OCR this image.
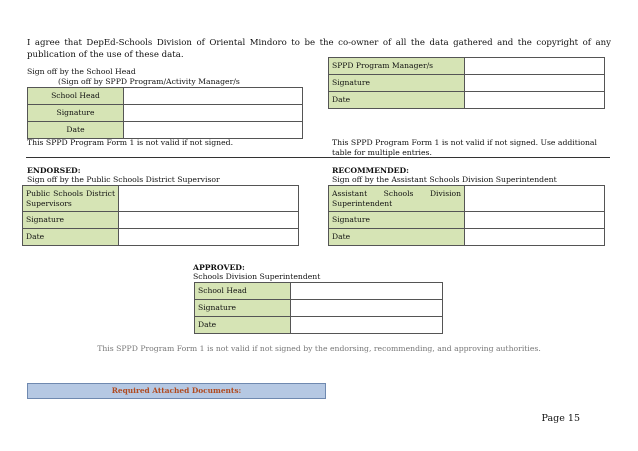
I agree that DepEd-Schools Division of Oriental Mindoro to be the co-owner of all the data gathered and the copyright of any publication of the use of these data.
Sign off by the School Head
(Sign off by SPPD Program/Activity Manager/s
School Head	
Signature	
Date	
This SPPD Program Form 1 is not valid if not signed.
SPPD Program Manager/s	
Signature	
Date	
This SPPD Program Form 1 is not valid if not signed. Use additional table for multiple entries.
ENDORSED:
Sign off by the Public Schools District Supervisor
Public Schools District Supervisors	
Signature	
Date	
RECOMMENDED:
Sign off by the Assistant Schools Division Superintendent
Assistant Schools Division Superintendent	
Signature	
Date	
APPROVED:
Schools Division Superintendent
School Head	
Signature	
Date	
This SPPD Program Form 1 is not valid if not signed by the endorsing, recommending, and approving authorities.
Required Attached Documents:
Page 15
